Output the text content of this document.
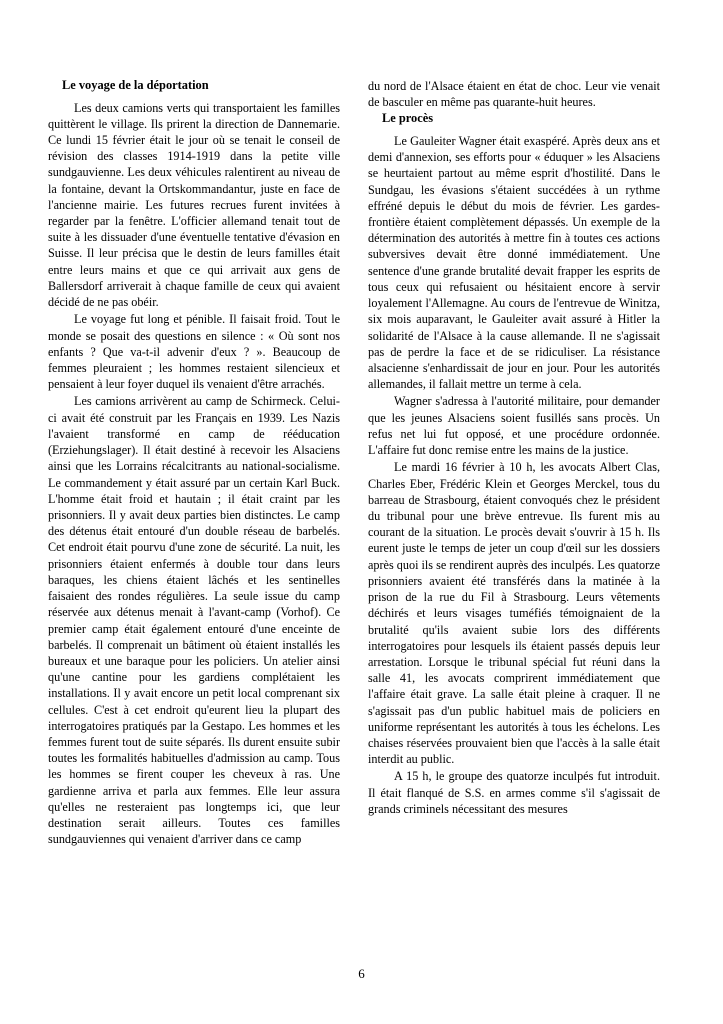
Le voyage de la déportation

Les deux camions verts qui transportaient les familles quittèrent le village. Ils prirent la direction de Dannemarie. Ce lundi 15 février était le jour où se tenait le conseil de révision des classes 1914-1919 dans la petite ville sundgauvienne. Les deux véhicules ralentirent au niveau de la fontaine, devant la Ortskommandantur, juste en face de l'ancienne mairie. Les futures recrues furent invitées à regarder par la fenêtre. L'officier allemand tenait tout de suite à les dissuader d'une éventuelle tentative d'évasion en Suisse. Il leur précisa que le destin de leurs familles était entre leurs mains et que ce qui arrivait aux gens de Ballersdorf arriverait à chaque famille de ceux qui avaient décidé de ne pas obéir.

Le voyage fut long et pénible. Il faisait froid. Tout le monde se posait des questions en silence : « Où sont nos enfants ? Que va-t-il advenir d'eux ? ». Beaucoup de femmes pleuraient ; les hommes restaient silencieux et pensaient à leur foyer duquel ils venaient d'être arrachés.

Les camions arrivèrent au camp de Schirmeck. Celui-ci avait été construit par les Français en 1939. Les Nazis l'avaient transformé en camp de rééducation (Erziehungslager). Il était destiné à recevoir les Alsaciens ainsi que les Lorrains récalcitrants au national-socialisme. Le commandement y était assuré par un certain Karl Buck. L'homme était froid et hautain ; il était craint par les prisonniers. Il y avait deux parties bien distinctes. Le camp des détenus était entouré d'un double réseau de barbelés. Cet endroit était pourvu d'une zone de sécurité. La nuit, les prisonniers étaient enfermés à double tour dans leurs baraques, les chiens étaient lâchés et les sentinelles faisaient des rondes régulières. La seule issue du camp réservée aux détenus menait à l'avant-camp (Vorhof). Ce premier camp était également entouré d'une enceinte de barbelés. Il comprenait un bâtiment où étaient installés les bureaux et une baraque pour les policiers. Un atelier ainsi qu'une cantine pour les gardiens complétaient les installations. Il y avait encore un petit local comprenant six cellules. C'est à cet endroit qu'eurent lieu la plupart des interrogatoires pratiqués par la Gestapo. Les hommes et les femmes furent tout de suite séparés. Ils durent ensuite subir toutes les formalités habituelles d'admission au camp. Tous les hommes se firent couper les cheveux à ras. Une gardienne arriva et parla aux femmes. Elle leur assura qu'elles ne resteraient pas longtemps ici, que leur destination serait ailleurs. Toutes ces familles sundgauviennes qui venaient d'arriver dans ce camp

du nord de l'Alsace étaient en état de choc. Leur vie venait de basculer en même pas quarante-huit heures.

Le procès

Le Gauleiter Wagner était exaspéré. Après deux ans et demi d'annexion, ses efforts pour « éduquer » les Alsaciens se heurtaient partout au même esprit d'hostilité. Dans le Sundgau, les évasions s'étaient succédées à un rythme effréné depuis le début du mois de février. Les gardes-frontière étaient complètement dépassés. Un exemple de la détermination des autorités à mettre fin à toutes ces actions subversives devait être donné immédiatement. Une sentence d'une grande brutalité devait frapper les esprits de tous ceux qui refusaient ou hésitaient encore à servir loyalement l'Allemagne. Au cours de l'entrevue de Winitza, six mois auparavant, le Gauleiter avait assuré à Hitler la solidarité de l'Alsace à la cause allemande. Il ne s'agissait pas de perdre la face et de se ridiculiser. La résistance alsacienne s'enhardissait de jour en jour. Pour les autorités allemandes, il fallait mettre un terme à cela.

Wagner s'adressa à l'autorité militaire, pour demander que les jeunes Alsaciens soient fusillés sans procès. Un refus net lui fut opposé, et une procédure ordonnée. L'affaire fut donc remise entre les mains de la justice.

Le mardi 16 février à 10 h, les avocats Albert Clas, Charles Eber, Frédéric Klein et Georges Merckel, tous du barreau de Strasbourg, étaient convoqués chez le président du tribunal pour une brève entrevue. Ils furent mis au courant de la situation. Le procès devait s'ouvrir à 15 h. Ils eurent juste le temps de jeter un coup d'œil sur les dossiers après quoi ils se rendirent auprès des inculpés. Les quatorze prisonniers avaient été transférés dans la matinée à la prison de la rue du Fil à Strasbourg. Leurs vêtements déchirés et leurs visages tuméfiés témoignaient de la brutalité qu'ils avaient subie lors des différents interrogatoires pour lesquels ils étaient passés depuis leur arrestation. Lorsque le tribunal spécial fut réuni dans la salle 41, les avocats comprirent immédiatement que l'affaire était grave. La salle était pleine à craquer. Il ne s'agissait pas d'un public habituel mais de policiers en uniforme représentant les autorités à tous les échelons. Les chaises réservées prouvaient bien que l'accès à la salle était interdit au public.

A 15 h, le groupe des quatorze inculpés fut introduit. Il était flanqué de S.S. en armes comme s'il s'agissait de grands criminels nécessitant des mesures

6
